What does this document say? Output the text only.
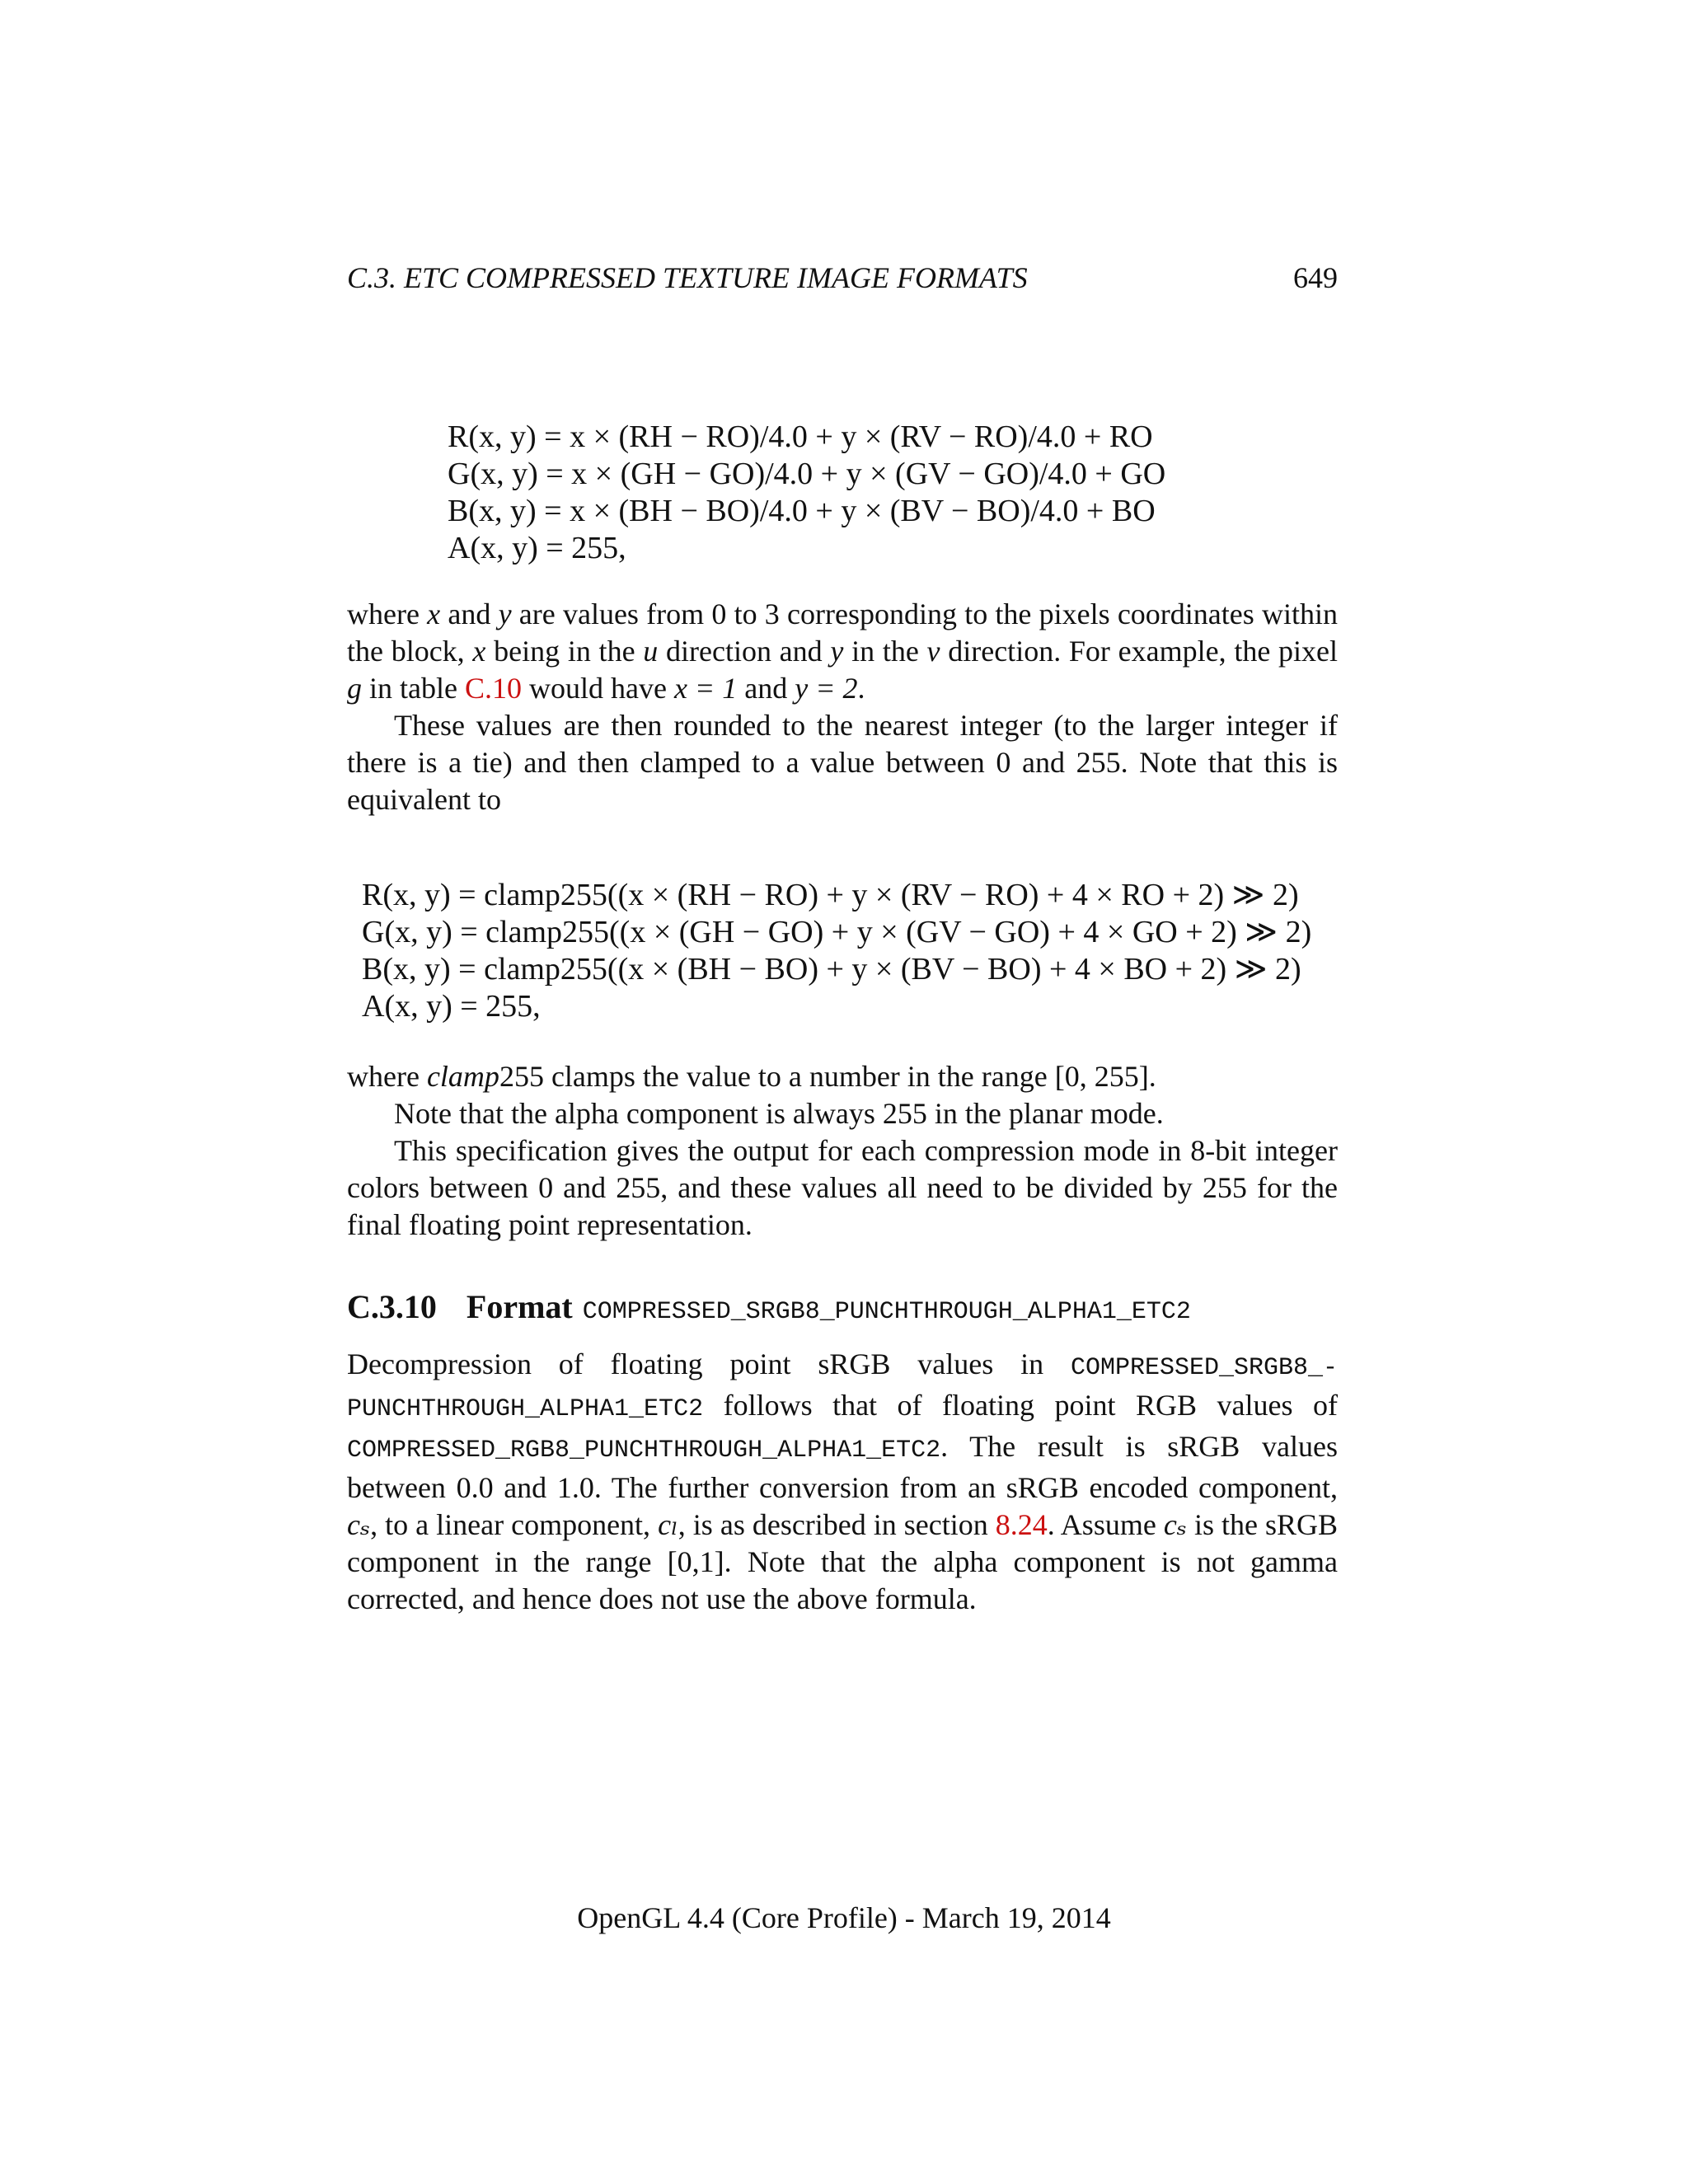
C.3. ETC COMPRESSED TEXTURE IMAGE FORMATS	649
R(x, y) = x × (RH − RO)/4.0 + y × (RV − RO)/4.0 + RO
G(x, y) = x × (GH − GO)/4.0 + y × (GV − GO)/4.0 + GO
B(x, y) = x × (BH − BO)/4.0 + y × (BV − BO)/4.0 + BO
A(x, y) = 255,

where x and y are values from 0 to 3 corresponding to the pixels coordinates within the block, x being in the u direction and y in the v direction. For example, the pixel g in table C.10 would have x = 1 and y = 2.

These values are then rounded to the nearest integer (to the larger integer if there is a tie) and then clamped to a value between 0 and 255. Note that this is equivalent to

R(x, y) = clamp255((x × (RH − RO) + y × (RV − RO) + 4 × RO + 2) ≫ 2)
G(x, y) = clamp255((x × (GH − GO) + y × (GV − GO) + 4 × GO + 2) ≫ 2)
B(x, y) = clamp255((x × (BH − BO) + y × (BV − BO) + 4 × BO + 2) ≫ 2)
A(x, y) = 255,

where clamp255 clamps the value to a number in the range [0, 255].

Note that the alpha component is always 255 in the planar mode.

This specification gives the output for each compression mode in 8-bit integer colors between 0 and 255, and these values all need to be divided by 255 for the final floating point representation.

C.3.10 Format COMPRESSED_SRGB8_PUNCHTHROUGH_ALPHA1_ETC2

Decompression of floating point sRGB values in COMPRESSED_SRGB8_- PUNCHTHROUGH_ALPHA1_ETC2 follows that of floating point RGB values of COMPRESSED_RGB8_PUNCHTHROUGH_ALPHA1_ETC2. The result is sRGB values between 0.0 and 1.0. The further conversion from an sRGB encoded component, cₛ, to a linear component, cₗ, is as described in section 8.24. Assume cₛ is the sRGB component in the range [0,1]. Note that the alpha component is not gamma corrected, and hence does not use the above formula.

OpenGL 4.4 (Core Profile) - March 19, 2014
